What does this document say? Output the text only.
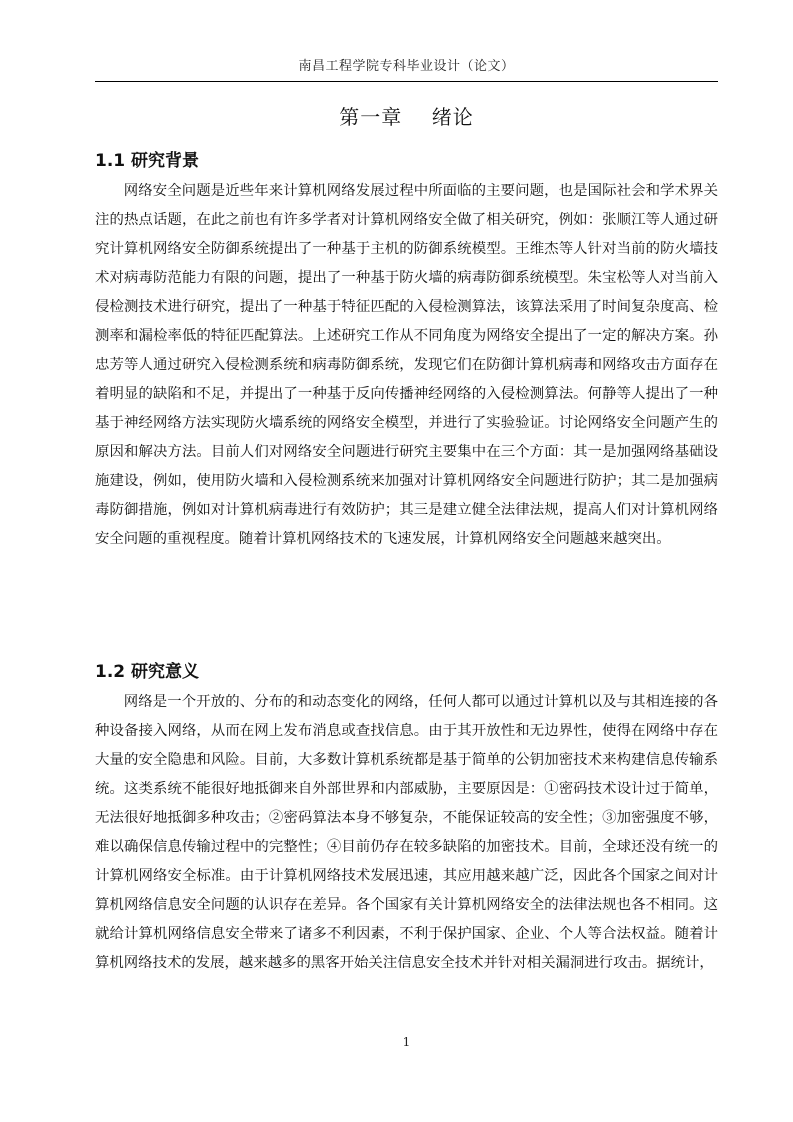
南昌工程学院专科毕业设计（论文）
第一章    绪论
1.1 研究背景
网络安全问题是近些年来计算机网络发展过程中所面临的主要问题，也是国际社会和学术界关注的热点话题，在此之前也有许多学者对计算机网络安全做了相关研究，例如：张顺江等人通过研究计算机网络安全防御系统提出了一种基于主机的防御系统模型。王维杰等人针对当前的防火墙技术对病毒防范能力有限的问题，提出了一种基于防火墙的病毒防御系统模型。朱宝松等人对当前入侵检测技术进行研究，提出了一种基于特征匹配的入侵检测算法，该算法采用了时间复杂度高、检测率和漏检率低的特征匹配算法。上述研究工作从不同角度为网络安全提出了一定的解决方案。孙忠芳等人通过研究入侵检测系统和病毒防御系统，发现它们在防御计算机病毒和网络攻击方面存在着明显的缺陷和不足，并提出了一种基于反向传播神经网络的入侵检测算法。何静等人提出了一种基于神经网络方法实现防火墙系统的网络安全模型，并进行了实验验证。讨论网络安全问题产生的原因和解决方法。目前人们对网络安全问题进行研究主要集中在三个方面：其一是加强网络基础设施建设，例如，使用防火墙和入侵检测系统来加强对计算机网络安全问题进行防护；其二是加强病毒防御措施，例如对计算机病毒进行有效防护；其三是建立健全法律法规，提高人们对计算机网络安全问题的重视程度。随着计算机网络技术的飞速发展，计算机网络安全问题越来越突出。
1.2 研究意义
网络是一个开放的、分布的和动态变化的网络，任何人都可以通过计算机以及与其相连接的各种设备接入网络，从而在网上发布消息或查找信息。由于其开放性和无边界性，使得在网络中存在大量的安全隐患和风险。目前，大多数计算机系统都是基于简单的公钥加密技术来构建信息传输系统。这类系统不能很好地抵御来自外部世界和内部威胁，主要原因是：①密码技术设计过于简单，无法很好地抵御多种攻击；②密码算法本身不够复杂，不能保证较高的安全性；③加密强度不够，难以确保信息传输过程中的完整性；④目前仍存在较多缺陷的加密技术。目前，全球还没有统一的计算机网络安全标准。由于计算机网络技术发展迅速，其应用越来越广泛，因此各个国家之间对计算机网络信息安全问题的认识存在差异。各个国家有关计算机网络安全的法律法规也各不相同。这就给计算机网络信息安全带来了诸多不利因素，不利于保护国家、企业、个人等合法权益。随着计算机网络技术的发展，越来越多的黑客开始关注信息安全技术并针对相关漏洞进行攻击。据统计，
1
